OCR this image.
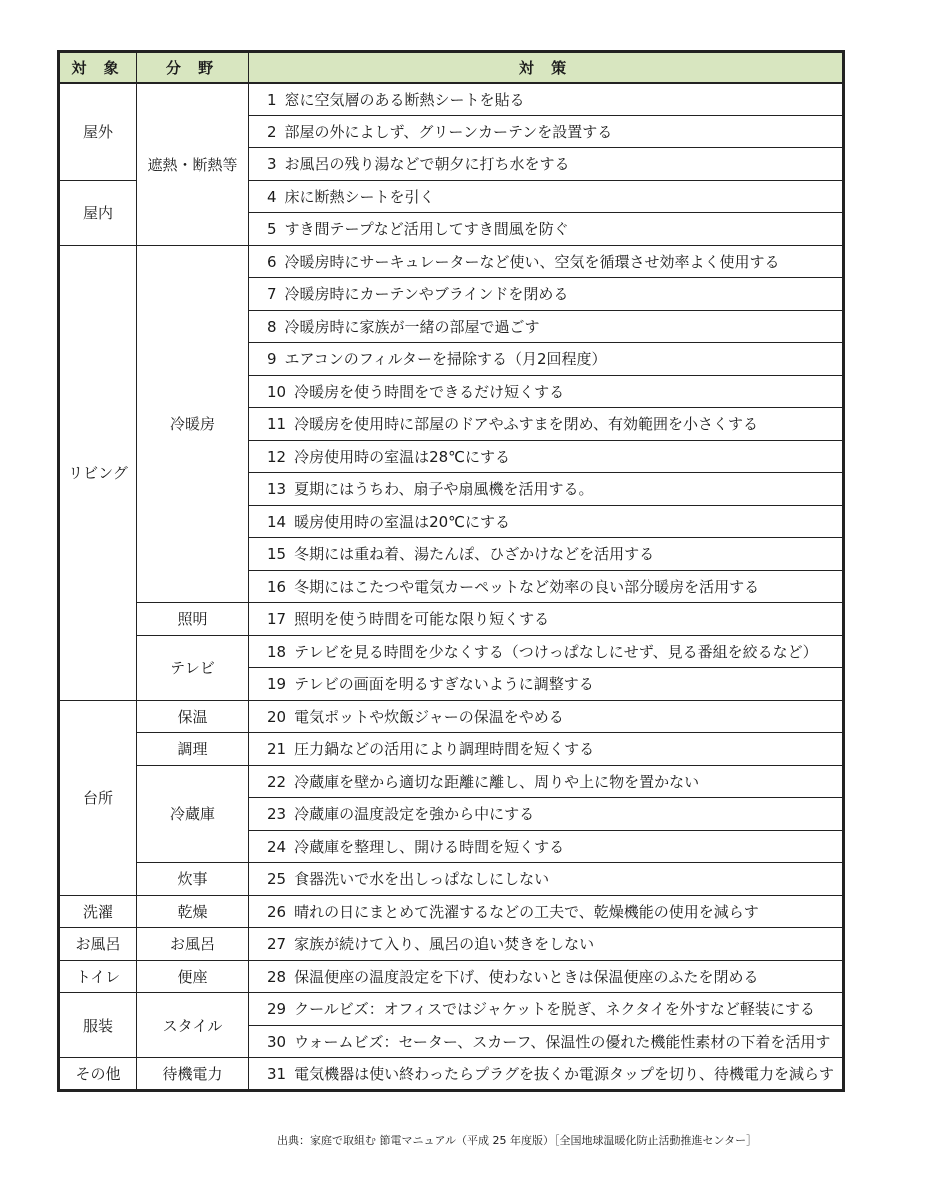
対 象	分 野	対 策
屋外	遮熱・断熱等	1 窓に空気層のある断熱シートを貼る
		2 部屋の外によしず、グリーンカーテンを設置する
		3 お風呂の残り湯などで朝夕に打ち水をする
屋内		4 床に断熱シートを引く
		5 すき間テープなど活用してすき間風を防ぐ
リビング	冷暖房	6 冷暖房時にサーキュレーターなど使い、空気を循環させ効率よく使用する
		7 冷暖房時にカーテンやブラインドを閉める
		8 冷暖房時に家族が一緒の部屋で過ごす
		9 エアコンのフィルターを掃除する（月2回程度）
		10 冷暖房を使う時間をできるだけ短くする
		11 冷暖房を使用時に部屋のドアやふすまを閉め、有効範囲を小さくする
		12 冷房使用時の室温は28℃にする
		13 夏期にはうちわ、扇子や扇風機を活用する。
		14 暖房使用時の室温は20℃にする
		15 冬期には重ね着、湯たんぽ、ひざかけなどを活用する
		16 冬期にはこたつや電気カーペットなど効率の良い部分暖房を活用する
	照明	17 照明を使う時間を可能な限り短くする
	テレビ	18 テレビを見る時間を少なくする（つけっぱなしにせず、見る番組を絞るなど）
		19 テレビの画面を明るすぎないように調整する
台所	保温	20 電気ポットや炊飯ジャーの保温をやめる
	調理	21 圧力鍋などの活用により調理時間を短くする
	冷蔵庫	22 冷蔵庫を壁から適切な距離に離し、周りや上に物を置かない
		23 冷蔵庫の温度設定を強から中にする
		24 冷蔵庫を整理し、開ける時間を短くする
	炊事	25 食器洗いで水を出しっぱなしにしない
洗濯	乾燥	26 晴れの日にまとめて洗濯するなどの工夫で、乾燥機能の使用を減らす
お風呂	お風呂	27 家族が続けて入り、風呂の追い焚きをしない
トイレ	便座	28 保温便座の温度設定を下げ、使わないときは保温便座のふたを閉める
服装	スタイル	29 クールビズ：オフィスではジャケットを脱ぎ、ネクタイを外すなど軽装にする
		30 ウォームビズ：セーター、スカーフ、保温性の優れた機能性素材の下着を活用す
その他	待機電力	31 電気機器は使い終わったらプラグを抜くか電源タップを切り、待機電力を減らす
出典：家庭で取組む 節電マニュアル（平成 25 年度版）［全国地球温暖化防止活動推進センター］
